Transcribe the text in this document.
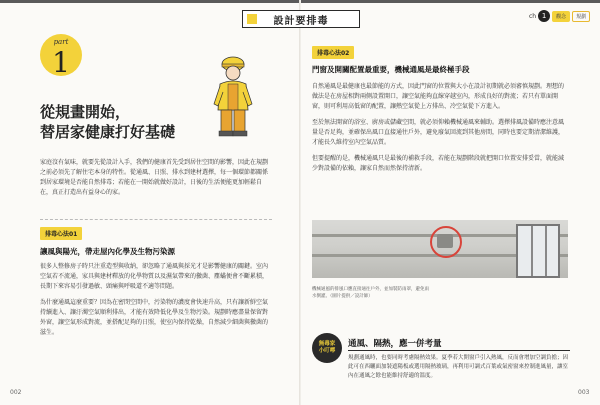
設計要排毒	ch 1	觀念	規劃
part
1
從規畫開始，
替居家健康打好基礎
家庭沒有氣味，就要先從設計入手，我們的健康首先受到居住空間的影響，因此在規劃之前必須先了解住宅本身的特性。從通風、日照、排水到建材選擇，每一個環節都關係到居家環境是否能自然排毒；若能在一開始就做好設計，日後的生活便能更加輕鬆自在，真正打造出有益身心的家。
排毒心法01
讓風與陽光，帶走屋內化學及生物污染源

很多人整修房子時只注重造型與收納，卻忽略了通風與採光才是影響健康的關鍵。室內空氣若不流通，家具與建材釋放的化學物質以及濕氣帶來的黴菌、塵蟎便會不斷累積，長期下來容易引發過敏、頭痛與呼吸道不適等問題。

為什麼通風這麼重要？因為在密閉空間中，污染物的濃度會快速升高，只有讓新鮮空氣持續進入、讓汙濁空氣順利排出，才能有效降低化學及生物污染。規劃時應盡量保留對外窗，讓空氣形成對流，並搭配足夠的日照，使室內保持乾燥，自然減少細菌與黴菌的滋生。

002
排毒心法02
門窗及開關配置最重要，機械通風是最終極手段

自然通風是最健康也最節能的方式，因此門窗的位置與大小在設計初期就必須審慎規劃。理想的做法是在房屋相對兩側設置開口，讓空氣能夠直線穿越室內，形成良好的對流；若只有單面開窗，則可利用高低窗的配置，讓熱空氣從上方排出、冷空氣從下方進入。

至於無法開窗的浴室、廚房或儲藏空間，就必須仰賴機械通風來輔助。選擇排風設備時應注意風量是否足夠，並確保出風口直接通往戶外，避免廢氣回流到其他房間，同時也要定期清潔維護，才能長久維持室內空氣品質。

但要提醒的是，機械通風只是最後的補救手段，若能在規劃階段就把開口位置安排妥當，就能減少對設備的依賴，讓家自然而然保持清新。

機械通風的排風口應直接通往戶外，並加裝防雨罩，避免雨水倒灌。（圖片提供／設計師）
無毒家
小叮嚀
通風、隔熱，應一併考量
規劃通風時，也要同時考慮隔熱效果。夏季若大開窗戶引入熱風，反而會增加空調負擔；因此可在西曬面加裝遮陽板或選用隔熱玻璃，再利用可調式百葉或氣密窗來控制進風量，讓室內在通風之餘也能維持舒適的溫度。
003
